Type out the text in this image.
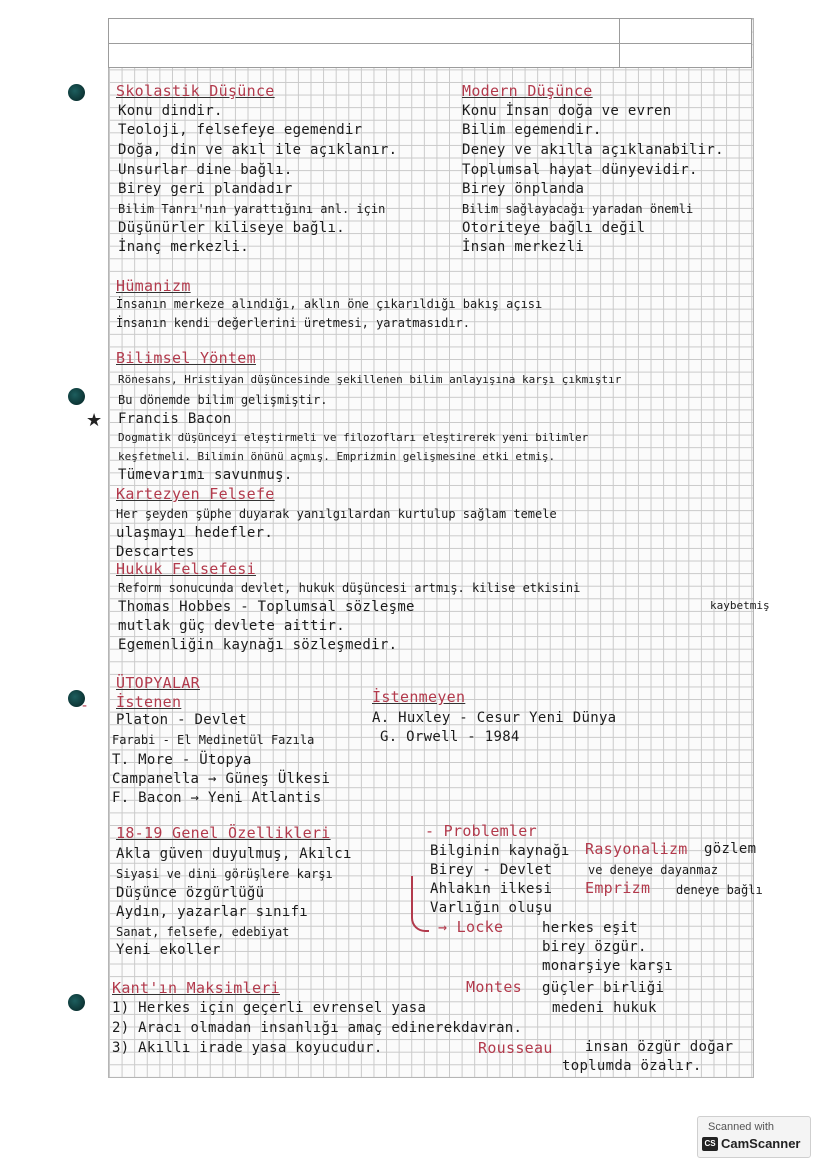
★
-
Skolastik Düşünce
Konu dindir.
Teoloji, felsefeye egemendir
Doğa, din ve akıl ile açıklanır.
Unsurlar dine bağlı.
Birey geri plandadır
Bilim Tanrı'nın yarattığını anl. için
Düşünürler kiliseye bağlı.
İnanç merkezli.
Modern Düşünce
Konu İnsan doğa ve evren
Bilim egemendir.
Deney ve akılla açıklanabilir.
Toplumsal hayat dünyevidir.
Birey önplanda
Bilim sağlayacağı yaradan önemli
Otoriteye bağlı değil
İnsan merkezli
Hümanizm
İnsanın merkeze alındığı, aklın öne çıkarıldığı bakış açısı
İnsanın kendi değerlerini üretmesi, yaratmasıdır.
Bilimsel Yöntem
Rönesans, Hristiyan düşüncesinde şekillenen bilim anlayışına karşı çıkmıştır
Bu dönemde bilim gelişmiştir.
Francis Bacon
Dogmatik düşünceyi eleştirmeli ve filozofları eleştirerek yeni bilimler
keşfetmeli. Bilimin önünü açmış. Emprizmin gelişmesine etki etmiş.
Tümevarımı savunmuş.
Kartezyen Felsefe
Her şeyden şüphe duyarak yanılgılardan kurtulup sağlam temele
ulaşmayı hedefler.
Descartes
Hukuk Felsefesi
Reform sonucunda devlet, hukuk düşüncesi artmış. kilise etkisini
kaybetmiş
Thomas Hobbes - Toplumsal sözleşme
mutlak güç devlete aittir.
Egemenliğin kaynağı sözleşmedir.
ÜTOPYALAR
İstenen
Platon - Devlet
Farabi - El Medinetül Fazıla
T. More - Ütopya
Campanella → Güneş Ülkesi
F. Bacon → Yeni Atlantis
İstenmeyen
A. Huxley - Cesur Yeni Dünya
G. Orwell - 1984
18-19 Genel Özellikleri
Akla güven duyulmuş, Akılcı
Siyasi ve dini görüşlere karşı
Düşünce özgürlüğü
Aydın, yazarlar sınıfı
Sanat, felsefe, edebiyat
Yeni ekoller
- Problemler
Bilginin kaynağı
Birey - Devlet
Ahlakın ilkesi
Varlığın oluşu
→ Locke	herkes eşit
birey özgür.
monarşiye karşı
Rasyonalizm gözlem
ve deneye dayanmaz
Emprizm deneye bağlı
Kant'ın Maksimleri
1) Herkes için geçerli evrensel yasa
2) Aracı olmadan insanlığı amaç edinerekdavran.
3) Akıllı irade yasa koyucudur.
Montes güçler birliği
medeni hukuk
Rousseau insan özgür doğar
toplumda özalır.
Scanned with
CS CamScanner
